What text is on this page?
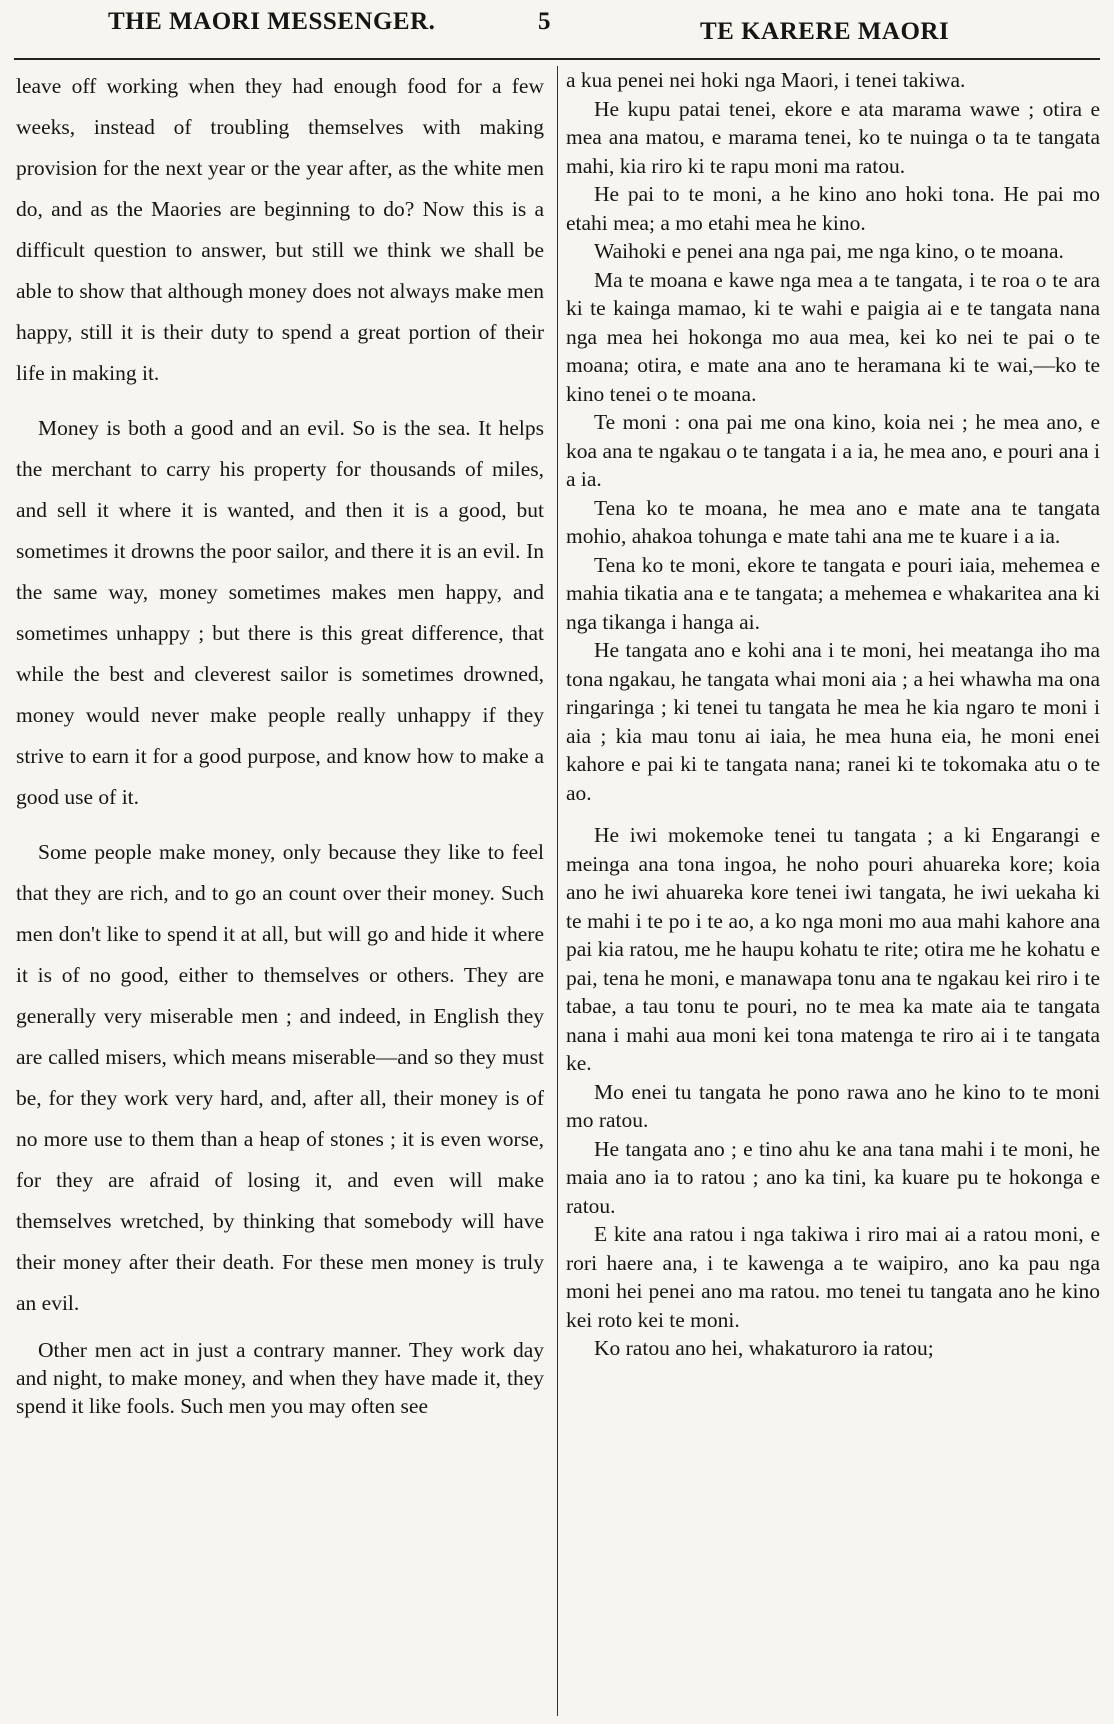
THE MAORI MESSENGER.	5	TE KARERE MAORI

leave off working when they had enough food for a few weeks, instead of troubling themselves with making provision for the next year or the year after, as the white men do, and as the Maories are beginning to do? Now this is a difficult question to answer, but still we think we shall be able to show that although money does not always make men happy, still it is their duty to spend a great portion of their life in making it.

Money is both a good and an evil. So is the sea. It helps the merchant to carry his property for thousands of miles, and sell it where it is wanted, and then it is a good, but sometimes it drowns the poor sailor, and there it is an evil. In the same way, money sometimes makes men happy, and sometimes unhappy ; but there is this great difference, that while the best and cleverest sailor is sometimes drowned, money would never make people really unhappy if they strive to earn it for a good purpose, and know how to make a good use of it.

Some people make money, only because they like to feel that they are rich, and to go an count over their money. Such men don't like to spend it at all, but will go and hide it where it is of no good, either to themselves or others. They are generally very miserable men ; and indeed, in English they are called misers, which means miserable—and so they must be, for they work very hard, and, after all, their money is of no more use to them than a heap of stones ; it is even worse, for they are afraid of losing it, and even will make themselves wretched, by thinking that somebody will have their money after their death. For these men money is truly an evil.

Other men act in just a contrary manner. They work day and night, to make money, and when they have made it, they spend it like fools. Such men you may often see

a kua penei nei hoki nga Maori, i tenei takiwa.

He kupu patai tenei, ekore e ata marama wawe ; otira e mea ana matou, e marama tenei, ko te nuinga o ta te tangata mahi, kia riro ki te rapu moni ma ratou.

He pai to te moni, a he kino ano hoki tona. He pai mo etahi mea; a mo etahi mea he kino.

Waihoki e penei ana nga pai, me nga kino, o te moana.

Ma te moana e kawe nga mea a te tangata, i te roa o te ara ki te kainga mamao, ki te wahi e paigia ai e te tangata nana nga mea hei hokonga mo aua mea, kei ko nei te pai o te moana; otira, e mate ana ano te heramana ki te wai,—ko te kino tenei o te moana.

Te moni : ona pai me ona kino, koia nei ; he mea ano, e koa ana te ngakau o te tangata i a ia, he mea ano, e pouri ana i a ia.

Tena ko te moana, he mea ano e mate ana te tangata mohio, ahakoa tohunga e mate tahi ana me te kuare i a ia.

Tena ko te moni, ekore te tangata e pouri iaia, mehemea e mahia tikatia ana e te tangata; a mehemea e whakaritea ana ki nga tikanga i hanga ai.

He tangata ano e kohi ana i te moni, hei meatanga iho ma tona ngakau, he tangata whai moni aia ; a hei whawha ma ona ringaringa ; ki tenei tu tangata he mea he kia ngaro te moni i aia ; kia mau tonu ai iaia, he mea huna eia, he moni enei kahore e pai ki te tangata nana; ranei ki te tokomaka atu o te ao.

He iwi mokemoke tenei tu tangata ; a ki Engarangi e meinga ana tona ingoa, he noho pouri ahuareka kore; koia ano he iwi ahuareka kore tenei iwi tangata, he iwi uekaha ki te mahi i te po i te ao, a ko nga moni mo aua mahi kahore ana pai kia ratou, me he haupu kohatu te rite; otira me he kohatu e pai, tena he moni, e manawapa tonu ana te ngakau kei riro i te tabae, a tau tonu te pouri, no te mea ka mate aia te tangata nana i mahi aua moni kei tona matenga te riro ai i te tangata ke.

Mo enei tu tangata he pono rawa ano he kino to te moni mo ratou.

He tangata ano ; e tino ahu ke ana tana mahi i te moni, he maia ano ia to ratou ; ano ka tini, ka kuare pu te hokonga e ratou.

E kite ana ratou i nga takiwa i riro mai ai a ratou moni, e rori haere ana, i te kawenga a te waipiro, ano ka pau nga moni hei penei ano ma ratou. mo tenei tu tangata ano he kino kei roto kei te moni.

Ko ratou ano hei, whakaturoro ia ratou;
